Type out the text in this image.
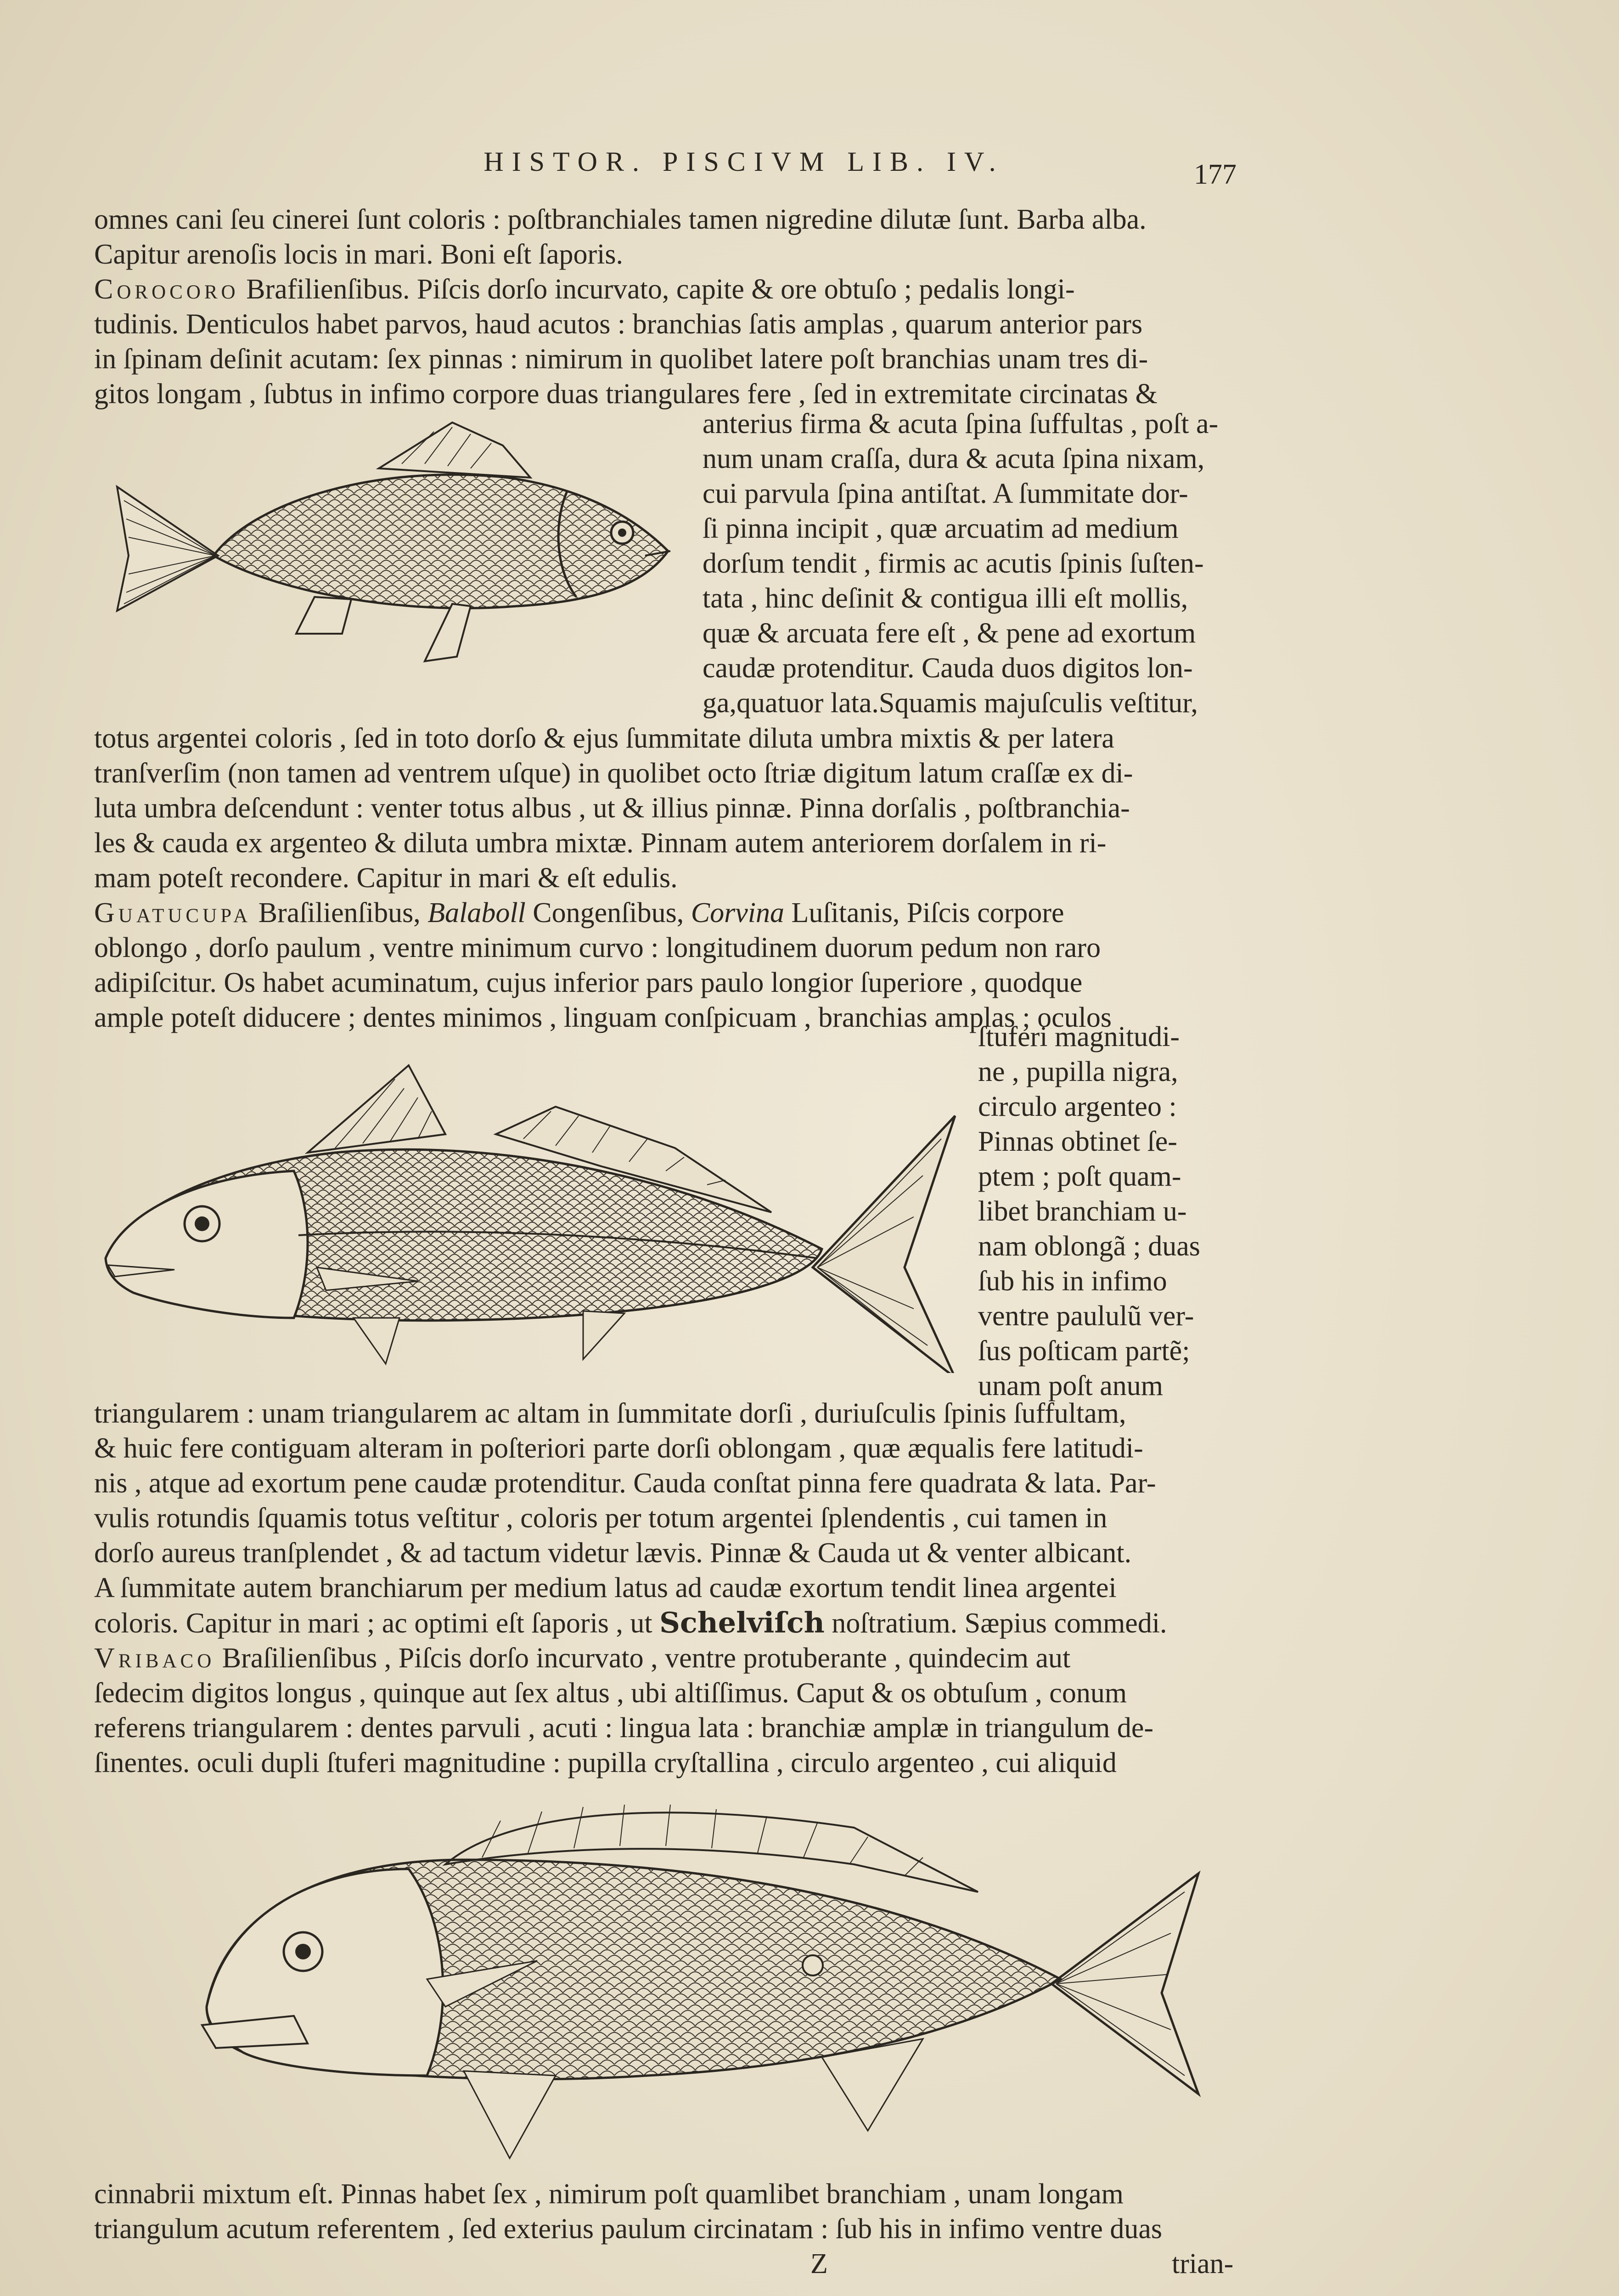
HISTOR. PISCIVM LIB. IV.	177
omnes cani ſeu cinerei ſunt coloris : poſtbranchiales tamen nigredine dilutæ ſunt. Barba alba.
Capitur arenoſis locis in mari. Boni eſt ſaporis.
Corocoro Brafilienſibus. Piſcis dorſo incurvato, capite & ore obtuſo ; pedalis longi-
tudinis. Denticulos habet parvos, haud acutos : branchias ſatis amplas , quarum anterior pars
in ſpinam deſinit acutam: ſex pinnas : nimirum in quolibet latere poſt branchias unam tres di-
gitos longam , ſubtus in infimo corpore duas triangulares fere , ſed in extremitate circinatas &
anterius firma & acuta ſpina ſuffultas , poſt a-
num unam craſſa, dura & acuta ſpina nixam,
cui parvula ſpina antiſtat. A ſummitate dor-
ſi pinna incipit , quæ arcuatim ad medium
dorſum tendit , firmis ac acutis ſpinis ſuſten-
tata , hinc deſinit & contigua illi eſt mollis,
quæ & arcuata fere eſt , & pene ad exortum
caudæ protenditur. Cauda duos digitos lon-
ga,quatuor lata.Squamis majuſculis veſtitur,
totus argentei coloris , ſed in toto dorſo & ejus ſummitate diluta umbra mixtis & per latera
tranſverſim (non tamen ad ventrem uſque) in quolibet octo ſtriæ digitum latum craſſæ ex di-
luta umbra deſcendunt : venter totus albus , ut & illius pinnæ. Pinna dorſalis , poſtbranchia-
les & cauda ex argenteo & diluta umbra mixtæ. Pinnam autem anteriorem dorſalem in ri-
mam poteſt recondere. Capitur in mari & eſt edulis.
Guatucupa Braſilienſibus, Balaboll Congenſibus, Corvina Luſitanis, Piſcis corpore
oblongo , dorſo paulum , ventre minimum curvo : longitudinem duorum pedum non raro
adipiſcitur. Os habet acuminatum, cujus inferior pars paulo longior ſuperiore , quodque
ample poteſt diducere ; dentes minimos , linguam conſpicuam , branchias amplas ; oculos
ſtuferi magnitudi-
ne , pupilla nigra,
circulo argenteo :
Pinnas obtinet ſe-
ptem ; poſt quam-
libet branchiam u-
nam oblongã ; duas
ſub his in infimo
ventre paululũ ver-
ſus poſticam partẽ;
unam poſt anum
triangularem : unam triangularem ac altam in ſummitate dorſi , duriuſculis ſpinis ſuffultam,
& huic fere contiguam alteram in poſteriori parte dorſi oblongam , quæ æqualis fere latitudi-
nis , atque ad exortum pene caudæ protenditur. Cauda conſtat pinna fere quadrata & lata. Par-
vulis rotundis ſquamis totus veſtitur , coloris per totum argentei ſplendentis , cui tamen in
dorſo aureus tranſplendet , & ad tactum videtur lævis. Pinnæ & Cauda ut & venter albicant.
A ſummitate autem branchiarum per medium latus ad caudæ exortum tendit linea argentei
coloris. Capitur in mari ; ac optimi eſt ſaporis , ut Schelviſch noſtratium. Sæpius commedi.
Vribaco Braſilienſibus , Piſcis dorſo incurvato , ventre protuberante , quindecim aut
ſedecim digitos longus , quinque aut ſex altus , ubi altiſſimus. Caput & os obtuſum , conum
referens triangularem : dentes parvuli , acuti : lingua lata : branchiæ amplæ in triangulum de-
ſinentes. oculi dupli ſtuferi magnitudine : pupilla cryſtallina , circulo argenteo , cui aliquid
cinnabrii mixtum eſt. Pinnas habet ſex , nimirum poſt quamlibet branchiam , unam longam
triangulum acutum referentem , ſed exterius paulum circinatam : ſub his in infimo ventre duas
Z	trian-
